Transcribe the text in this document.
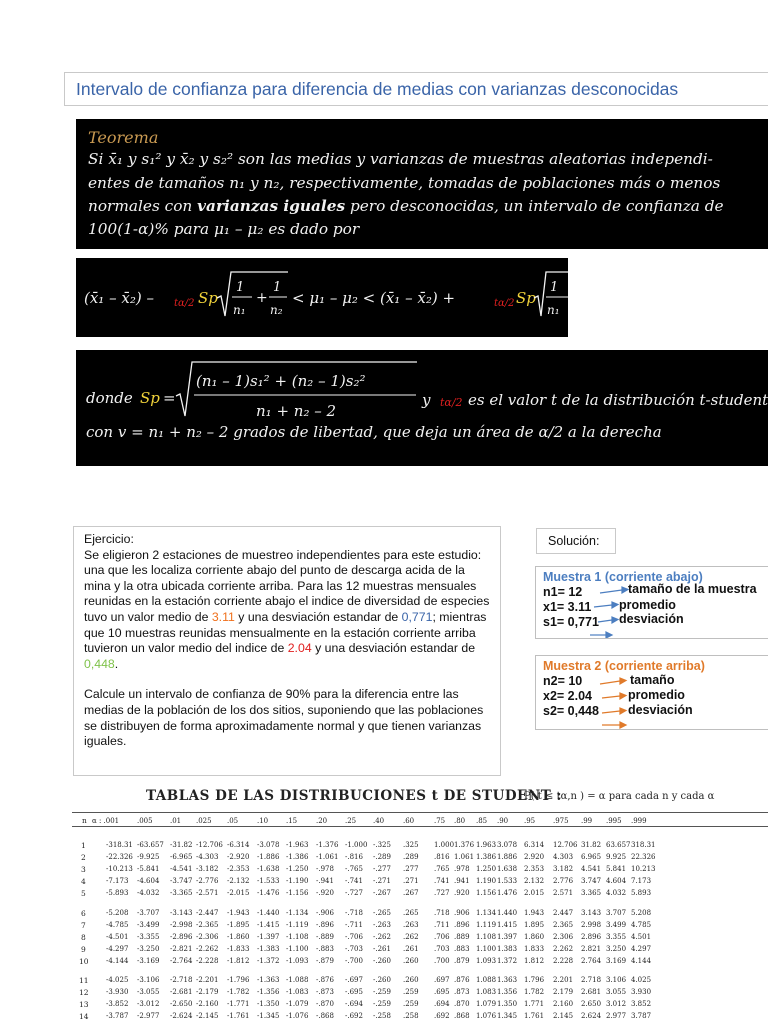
Intervalo de confianza para diferencia de medias con varianzas desconocidas
Teorema
Si x̄₁ y s₁² y x̄₂ y s₂² son las medias y varianzas de muestras aleatorias independi-
entes de tamaños n₁ y n₂, respectivamente, tomadas de poblaciones más o menos
normales con varianzas iguales pero desconocidas, un intervalo de confianza de
100(1-α)% para μ₁ – μ₂ es dado por
(x̄₁ – x̄₂) – tα/2 Sp
1
n₁
+
1
n₂
< μ₁ – μ₂ < (x̄₁ – x̄₂) +	tα/2 Sp
1
n₁
donde Sp =
(n₁ – 1)s₁² + (n₂ – 1)s₂²
n₁ + n₂ – 2
y tα/2 es el valor t de la distribución t-student
con v = n₁ + n₂ – 2 grados de libertad, que deja un área de α/2 a la derecha

Ejercicio:

Se eligieron 2 estaciones de muestreo independientes para este estudio: una que les localiza corriente abajo del punto de descarga acida de la mina y la otra ubicada corriente arriba. Para las 12 muestras mensuales reunidas en la estación corriente abajo el indice de diversidad de especies tuvo un valor medio de 3.11 y una desviación estandar de 0,771; mientras que 10 muestras reunidas mensualmente en la estación corriente arriba tuvieron un valor medio del indice de 2.04 y una desviación estandar de 0,448.

Calcule un intervalo de confianza de 90% para la diferencia entre las medias de la población de los dos sitios, suponiendo que las poblaciones se distribuyen de forma aproximadamente normal y que tienen varianzas iguales.

Solución:
Muestra 1 (corriente abajo)
n1= 12
x1= 3.11
s1= 0,771
tamaño de la muestra
promedio
desviación
Muestra 2 (corriente arriba)
n2= 10
x2= 2.04
s2= 0,448
tamaño
promedio
desviación
TABLAS DE LAS DISTRIBUCIONES t DE STUDENT :
P( t ≤ tα,n ) = α para cada n y cada α
n α : .001	.005 .01 .025 .05	.10	.15	.20	.25 .40	.60	.75 .80 .85 .90 .95	.975 .99 .995 .999
1	-318.31 -63.657 -31.82 -12.706 -6.314 -3.078 -1.963 -1.376 -1.000 -.325 .325 1.000 1.376 1.963 3.078 6.314 12.706 31.82 63.657 318.31
2	-22.326 -9.925 -6.965 -4.303 -2.920 -1.886 -1.386 -1.061 -.816 -.289 .289 .816 1.061 1.386 1.886 2.920 4.303 6.965 9.925 22.326
3	-10.213 -5.841 -4.541 -3.182 -2.353 -1.638 -1.250 -.978 -.765 -.277 .277 .765 .978 1.250 1.638 2.353 3.182 4.541 5.841 10.213
4	-7.173 -4.604 -3.747 -2.776 -2.132 -1.533 -1.190 -.941 -.741 -.271 .271 .741 .941 1.190 1.533 2.132 2.776 3.747 4.604 7.173
5	-5.893 -4.032 -3.365 -2.571 -2.015 -1.476 -1.156 -.920 -.727 -.267 .267 .727 .920 1.156 1.476 2.015 2.571 3.365 4.032 5.893
6	-5.208 -3.707 -3.143 -2.447 -1.943 -1.440 -1.134 -.906 -.718 -.265 .265 .718 .906 1.134 1.440 1.943 2.447 3.143 3.707 5.208
7	-4.785 -3.499 -2.998 -2.365 -1.895 -1.415 -1.119 -.896 -.711 -.263 .263 .711 .896 1.119 1.415 1.895 2.365 2.998 3.499 4.785
8	-4.501 -3.355 -2.896 -2.306 -1.860 -1.397 -1.108 -.889 -.706 -.262 .262 .706 .889 1.108 1.397 1.860 2.306 2.896 3.355 4.501
9	-4.297 -3.250 -2.821 -2.262 -1.833 -1.383 -1.100 -.883 -.703 -.261 .261 .703 .883 1.100 1.383 1.833 2.262 2.821 3.250 4.297
10 -4.144 -3.169 -2.764 -2.228 -1.812 -1.372 -1.093 -.879 -.700 -.260 .260 .700 .879 1.093 1.372 1.812 2.228 2.764 3.169 4.144
11 -4.025 -3.106 -2.718 -2.201 -1.796 -1.363 -1.088 -.876 -.697 -.260 .260 .697 .876 1.088 1.363 1.796 2.201 2.718 3.106 4.025
12 -3.930 -3.055 -2.681 -2.179 -1.782 -1.356 -1.083 -.873 -.695 -.259 .259 .695 .873 1.083 1.356 1.782 2.179 2.681 3.055 3.930
13 -3.852 -3.012 -2.650 -2.160 -1.771 -1.350 -1.079 -.870 -.694 -.259 .259 .694 .870 1.079 1.350 1.771 2.160 2.650 3.012 3.852
14 -3.787 -2.977 -2.624 -2.145 -1.761 -1.345 -1.076 -.868 -.692 -.258 .258 .692 .868 1.076 1.345 1.761 2.145 2.624 2.977 3.787
